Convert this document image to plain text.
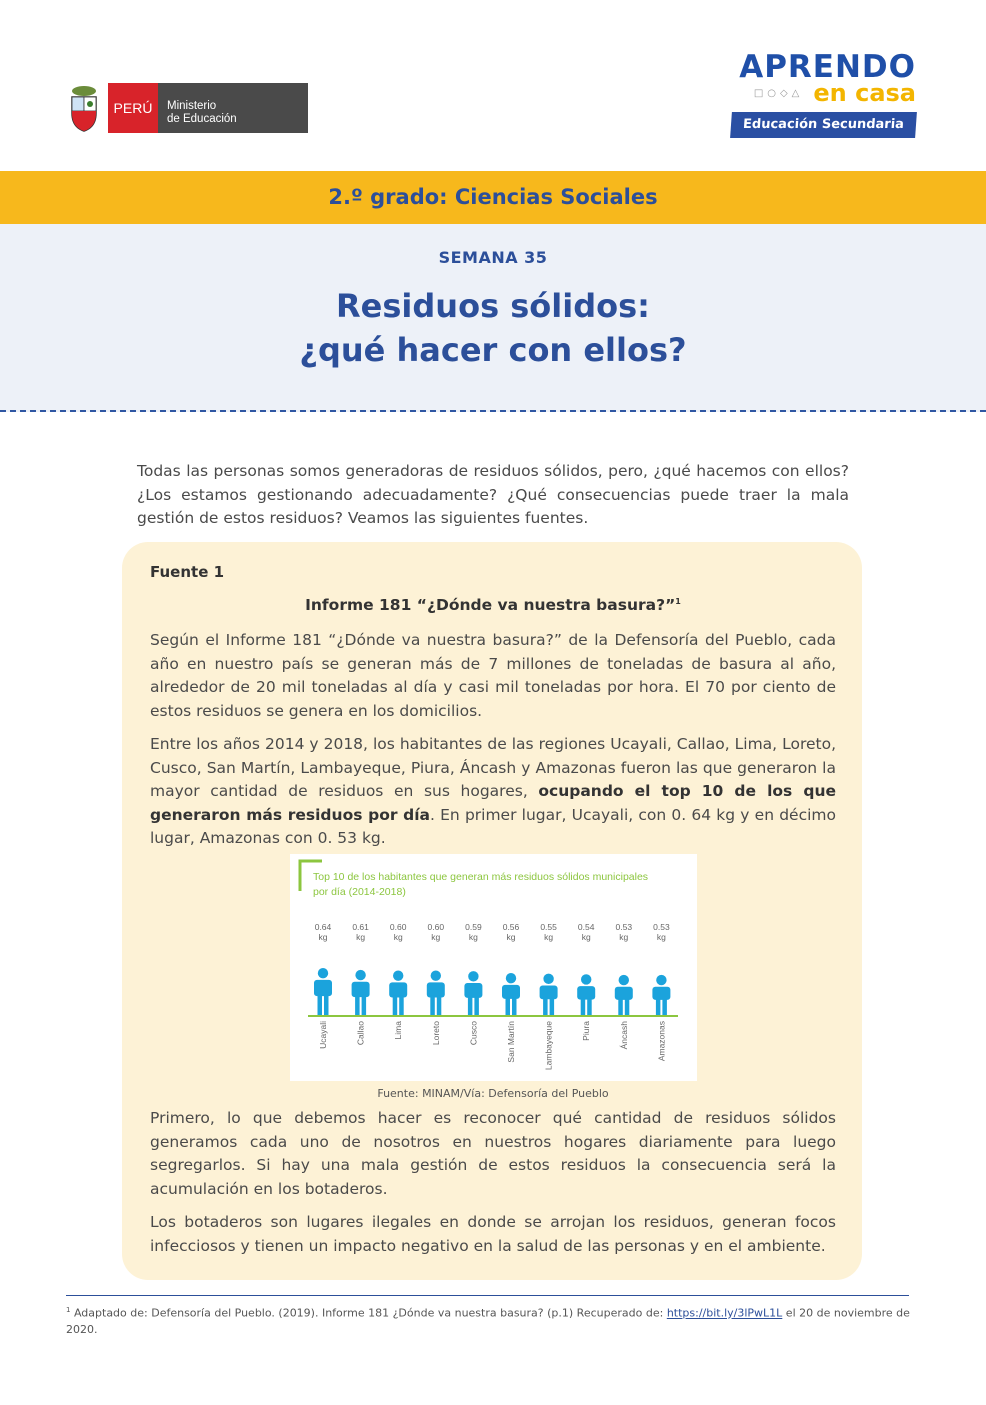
PERÚ	Ministerio
de Educación
APRENDO
□○◇△ en casa
Educación Secundaria
2.º grado: Ciencias Sociales
SEMANA 35
Residuos sólidos:
¿qué hacer con ellos?
Todas las personas somos generadoras de residuos sólidos, pero, ¿qué hacemos con ellos? ¿Los estamos gestionando adecuadamente? ¿Qué consecuencias puede traer la mala gestión de estos residuos? Veamos las siguientes fuentes.
Fuente 1
Informe 181 “¿Dónde va nuestra basura?”$^1$
Según el Informe 181 “¿Dónde va nuestra basura?” de la Defensoría del Pueblo, cada año en nuestro país se generan más de 7 millones de toneladas de basura al año, alrededor de 20 mil toneladas al día y casi mil toneladas por hora. El 70 por ciento de estos residuos se genera en los domicilios.
Entre los años 2014 y 2018, los habitantes de las regiones Ucayali, Callao, Lima, Loreto, Cusco, San Martín, Lambayeque, Piura, Áncash y Amazonas fueron las que generaron la mayor cantidad de residuos en sus hogares, ocupando el top 10 de los que generaron más residuos por día. En primer lugar, Ucayali, con 0. 64 kg y en décimo lugar, Amazonas con 0. 53 kg.
Top 10 de los habitantes que generan más residuos sólidos municipales
por día (2014-2018)
0.64
kg
Ucayali
0.61
kg
Callao
0.60
kg
Lima
0.60
kg
Loreto
0.59
kg
Cusco
0.56
kg
San Martín
0.55
kg
Lambayeque
0.54
kg
Piura
0.53
kg
Áncash
0.53
kg
Amazonas
Fuente: MINAM/Vía: Defensoría del Pueblo
Primero, lo que debemos hacer es reconocer qué cantidad de residuos sólidos generamos cada uno de nosotros en nuestros hogares diariamente para luego segregarlos. Si hay una mala gestión de estos residuos la consecuencia será la acumulación en los botaderos.
Los botaderos son lugares ilegales en donde se arrojan los residuos, generan focos infecciosos y tienen un impacto negativo en la salud de las personas y en el ambiente.
$^1$ Adaptado de: Defensoría del Pueblo. (2019). Informe 181 ¿Dónde va nuestra basura? (p.1) Recuperado de: https://bit.ly/3lPwL1L el 20 de noviembre de 2020.
